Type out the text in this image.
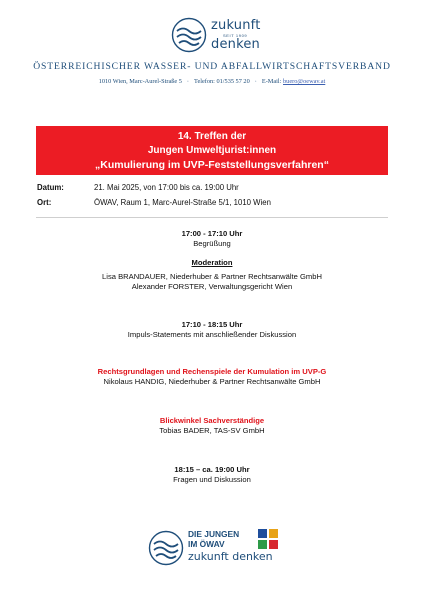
zukunft
SEIT 1909
denken
ÖSTERREICHISCHER WASSER- UND ABFALLWIRTSCHAFTSVERBAND
1010 Wien, Marc-Aurel-Straße 5 · Telefon: 01/535 57 20 · E-Mail: buero@oewav.at
14. Treffen der
Jungen Umweltjurist:innen
„Kumulierung im UVP-Feststellungsverfahren“
Datum:	21. Mai 2025, von 17:00 bis ca. 19:00 Uhr
Ort:	ÖWAV, Raum 1, Marc-Aurel-Straße 5/1, 1010 Wien
17:00 - 17:10 Uhr
Begrüßung
Moderation
Lisa BRANDAUER, Niederhuber & Partner Rechtsanwälte GmbH
Alexander FORSTER, Verwaltungsgericht Wien
17:10 - 18:15 Uhr
Impuls-Statements mit anschließender Diskussion
Rechtsgrundlagen und Rechenspiele der Kumulation im UVP-G
Nikolaus HANDIG, Niederhuber & Partner Rechtsanwälte GmbH
Blickwinkel Sachverständige
Tobias BADER, TAS-SV GmbH
18:15 – ca. 19:00 Uhr
Fragen und Diskussion
DIE JUNGEN
IM ÖWAV
zukunft denken
